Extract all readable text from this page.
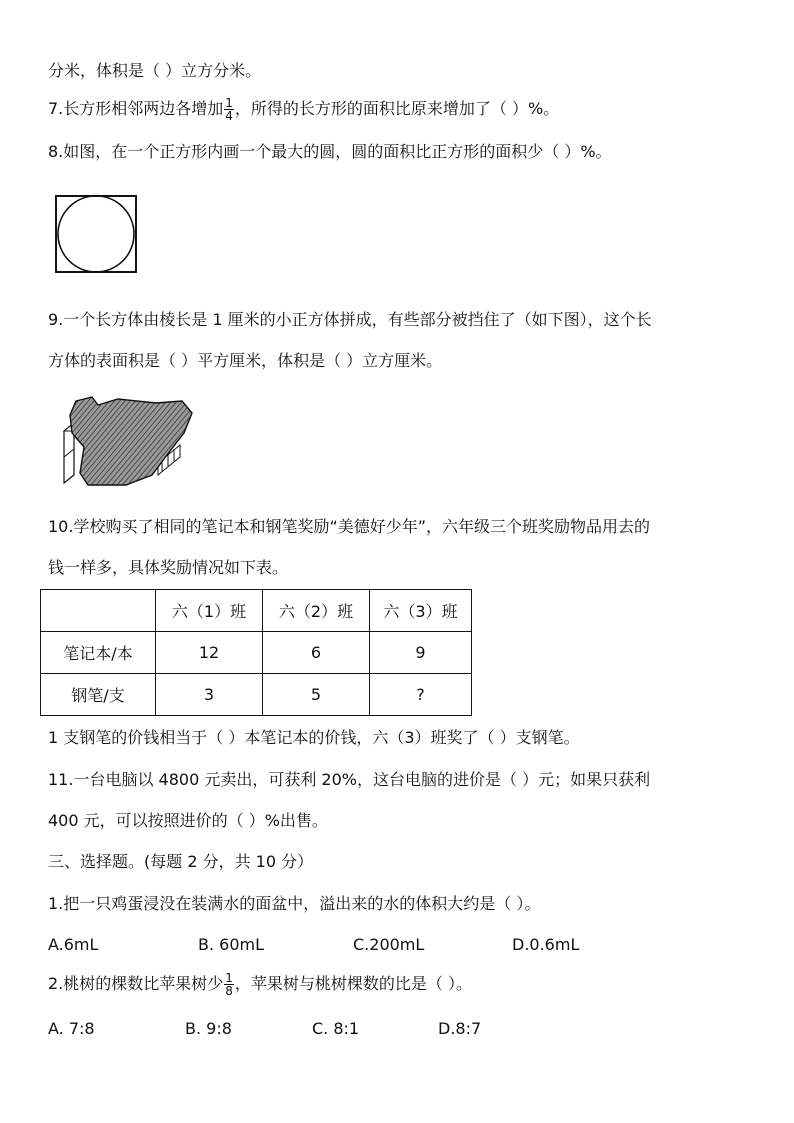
分米，体积是（ ）立方分米。
7.长方形相邻两边各增加 $\frac{1}{4}$ ，所得的长方形的面积比原来增加了（ ）%。
8.如图，在一个正方形内画一个最大的圆，圆的面积比正方形的面积少（ ）%。
9.一个长方体由棱长是 1 厘米的小正方体拼成，有些部分被挡住了（如下图），这个长
方体的表面积是（ ）平方厘米，体积是（ ）立方厘米。
10.学校购买了相同的笔记本和钢笔奖励“美德好少年”，六年级三个班奖励物品用去的
钱一样多，具体奖励情况如下表。
	六（1）班	六（2）班	六（3）班
笔记本/本	12	6	9
钢笔/支	3	5	?
1 支钢笔的价钱相当于（ ）本笔记本的价钱，六（3）班奖了（ ）支钢笔。
11.一台电脑以 4800 元卖出，可获利 20%，这台电脑的进价是（ ）元；如果只获利
400 元，可以按照进价的（ ）%出售。
三、选择题。(每题 2 分，共 10 分）
1.把一只鸡蛋浸没在装满水的面盆中，溢出来的水的体积大约是（ ）。
A.6mL	B. 60mL	C.200mL	D.0.6mL
2.桃树的棵数比苹果树少 $\frac{1}{8}$ ，苹果树与桃树棵数的比是（ ）。
A. 7:8	B. 9:8	C. 8:1	D.8:7
